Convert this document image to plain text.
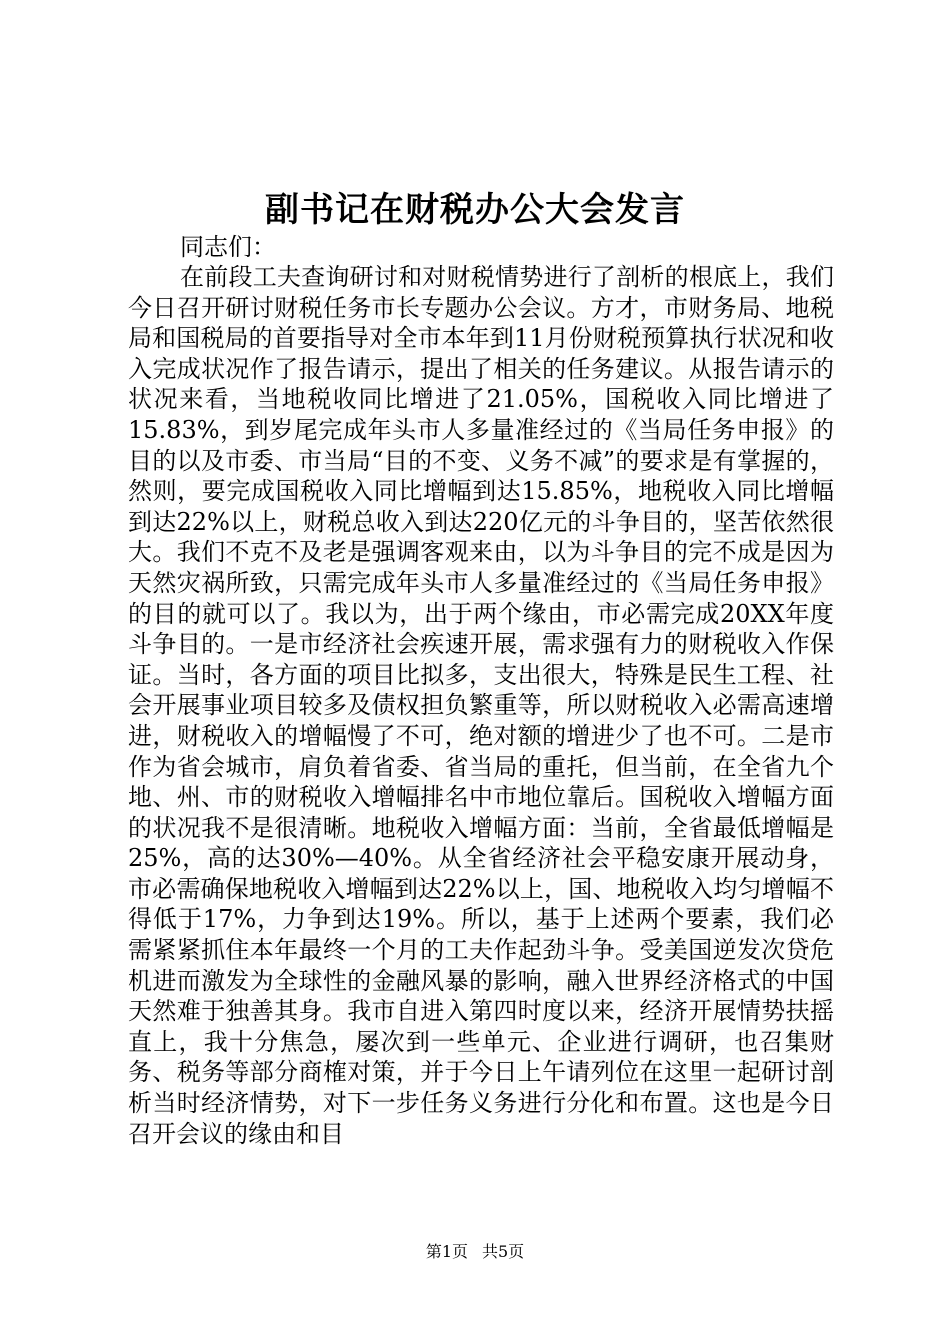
副书记在财税办公大会发言
同志们：
在前段工夫查询研讨和对财税情势进行了剖析的根底上，我们今日召开研讨财税任务市长专题办公会议。方才，市财务局、地税局和国税局的首要指导对全市本年到11月份财税预算执行状况和收入完成状况作了报告请示，提出了相关的任务建议。从报告请示的状况来看，当地税收同比增进了21.05%，国税收入同比增进了15.83%，到岁尾完成年头市人多量准经过的《当局任务申报》的目的以及市委、市当局“目的不变、义务不减”的要求是有掌握的，然则，要完成国税收入同比增幅到达15.85%，地税收入同比增幅到达22%以上，财税总收入到达220亿元的斗争目的，坚苦依然很大。我们不克不及老是强调客观来由，以为斗争目的完不成是因为天然灾祸所致，只需完成年头市人多量准经过的《当局任务申报》的目的就可以了。我以为，出于两个缘由，市必需完成20XX年度斗争目的。一是市经济社会疾速开展，需求强有力的财税收入作保证。当时，各方面的项目比拟多，支出很大，特殊是民生工程、社会开展事业项目较多及债权担负繁重等，所以财税收入必需高速增进，财税收入的增幅慢了不可，绝对额的增进少了也不可。二是市作为省会城市，肩负着省委、省当局的重托，但当前，在全省九个地、州、市的财税收入增幅排名中市地位靠后。国税收入增幅方面的状况我不是很清晰。地税收入增幅方面：当前，全省最低增幅是25%，高的达30%—40%。从全省经济社会平稳安康开展动身，市必需确保地税收入增幅到达22%以上，国、地税收入均匀增幅不得低于17%，力争到达19%。所以，基于上述两个要素，我们必需紧紧抓住本年最终一个月的工夫作起劲斗争。受美国逆发次贷危机进而激发为全球性的金融风暴的影响，融入世界经济格式的中国天然难于独善其身。我市自进入第四时度以来，经济开展情势扶摇直上，我十分焦急，屡次到一些单元、企业进行调研，也召集财务、税务等部分商榷对策，并于今日上午请列位在这里一起研讨剖析当时经济情势，对下一步任务义务进行分化和布置。这也是今日召开会议的缘由和目
第1页 共5页
